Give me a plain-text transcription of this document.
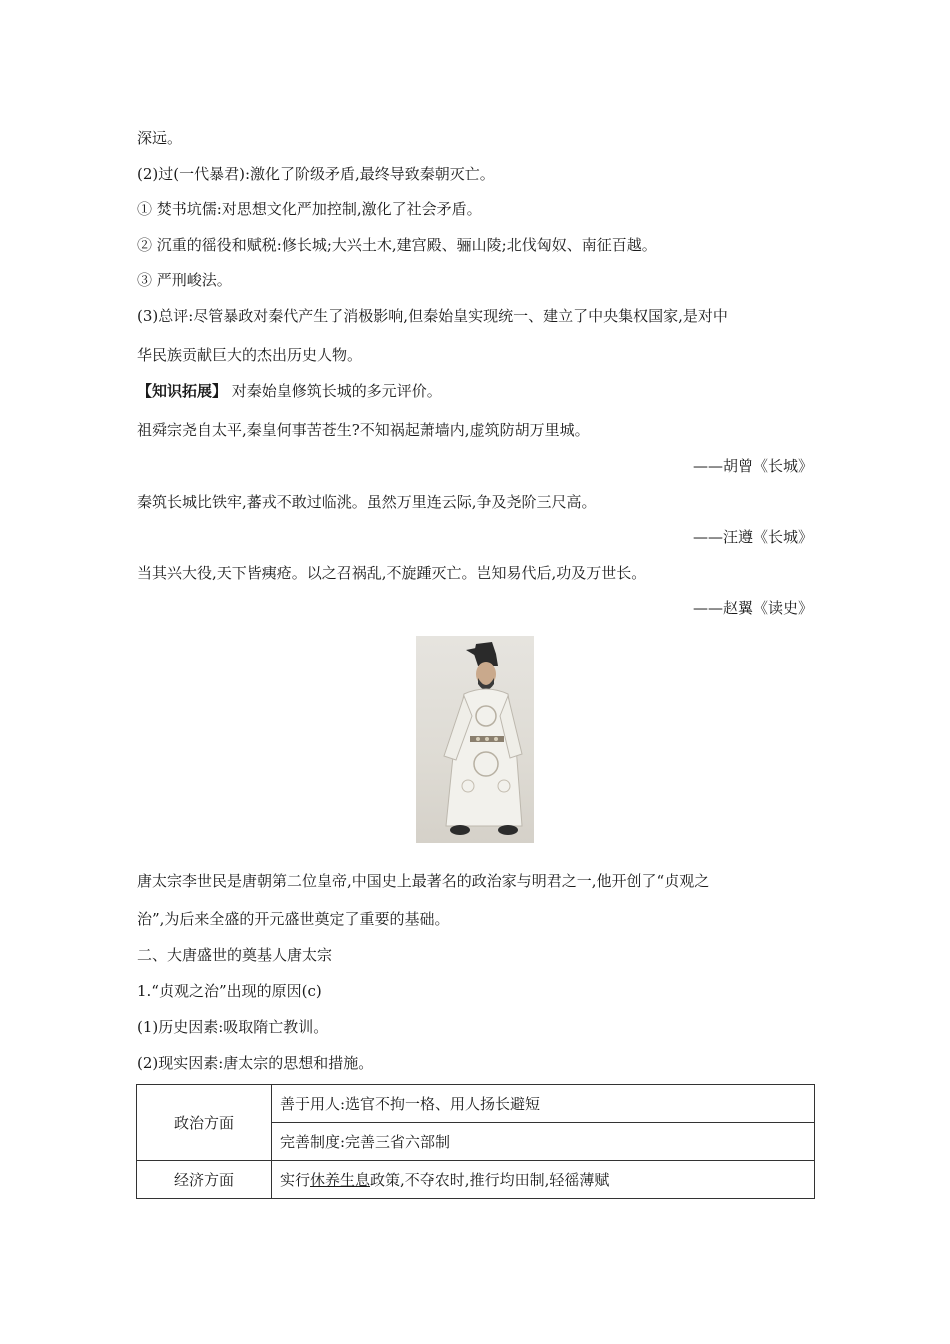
深远。
(2)过(一代暴君):激化了阶级矛盾,最终导致秦朝灭亡。
① 焚书坑儒:对思想文化严加控制,激化了社会矛盾。
② 沉重的徭役和赋税:修长城;大兴土木,建宫殿、骊山陵;北伐匈奴、南征百越。
③ 严刑峻法。
(3)总评:尽管暴政对秦代产生了消极影响,但秦始皇实现统一、建立了中央集权国家,是对中
华民族贡献巨大的杰出历史人物。
【知识拓展】 对秦始皇修筑长城的多元评价。
祖舜宗尧自太平,秦皇何事苦苍生?不知祸起萧墙内,虚筑防胡万里城。
——胡曾《长城》
秦筑长城比铁牢,蕃戎不敢过临洮。虽然万里连云际,争及尧阶三尺高。
——汪遵《长城》
当其兴大役,天下皆痍疮。以之召祸乱,不旋踵灭亡。岂知易代后,功及万世长。
——赵翼《读史》
唐太宗李世民是唐朝第二位皇帝,中国史上最著名的政治家与明君之一,他开创了“贞观之
治”,为后来全盛的开元盛世奠定了重要的基础。
二、大唐盛世的奠基人唐太宗
1.“贞观之治”出现的原因(c)
(1)历史因素:吸取隋亡教训。
(2)现实因素:唐太宗的思想和措施。
政治方面	善于用人:选官不拘一格、用人扬长避短
	完善制度:完善三省六部制
经济方面	实行休养生息政策,不夺农时,推行均田制,轻徭薄赋
